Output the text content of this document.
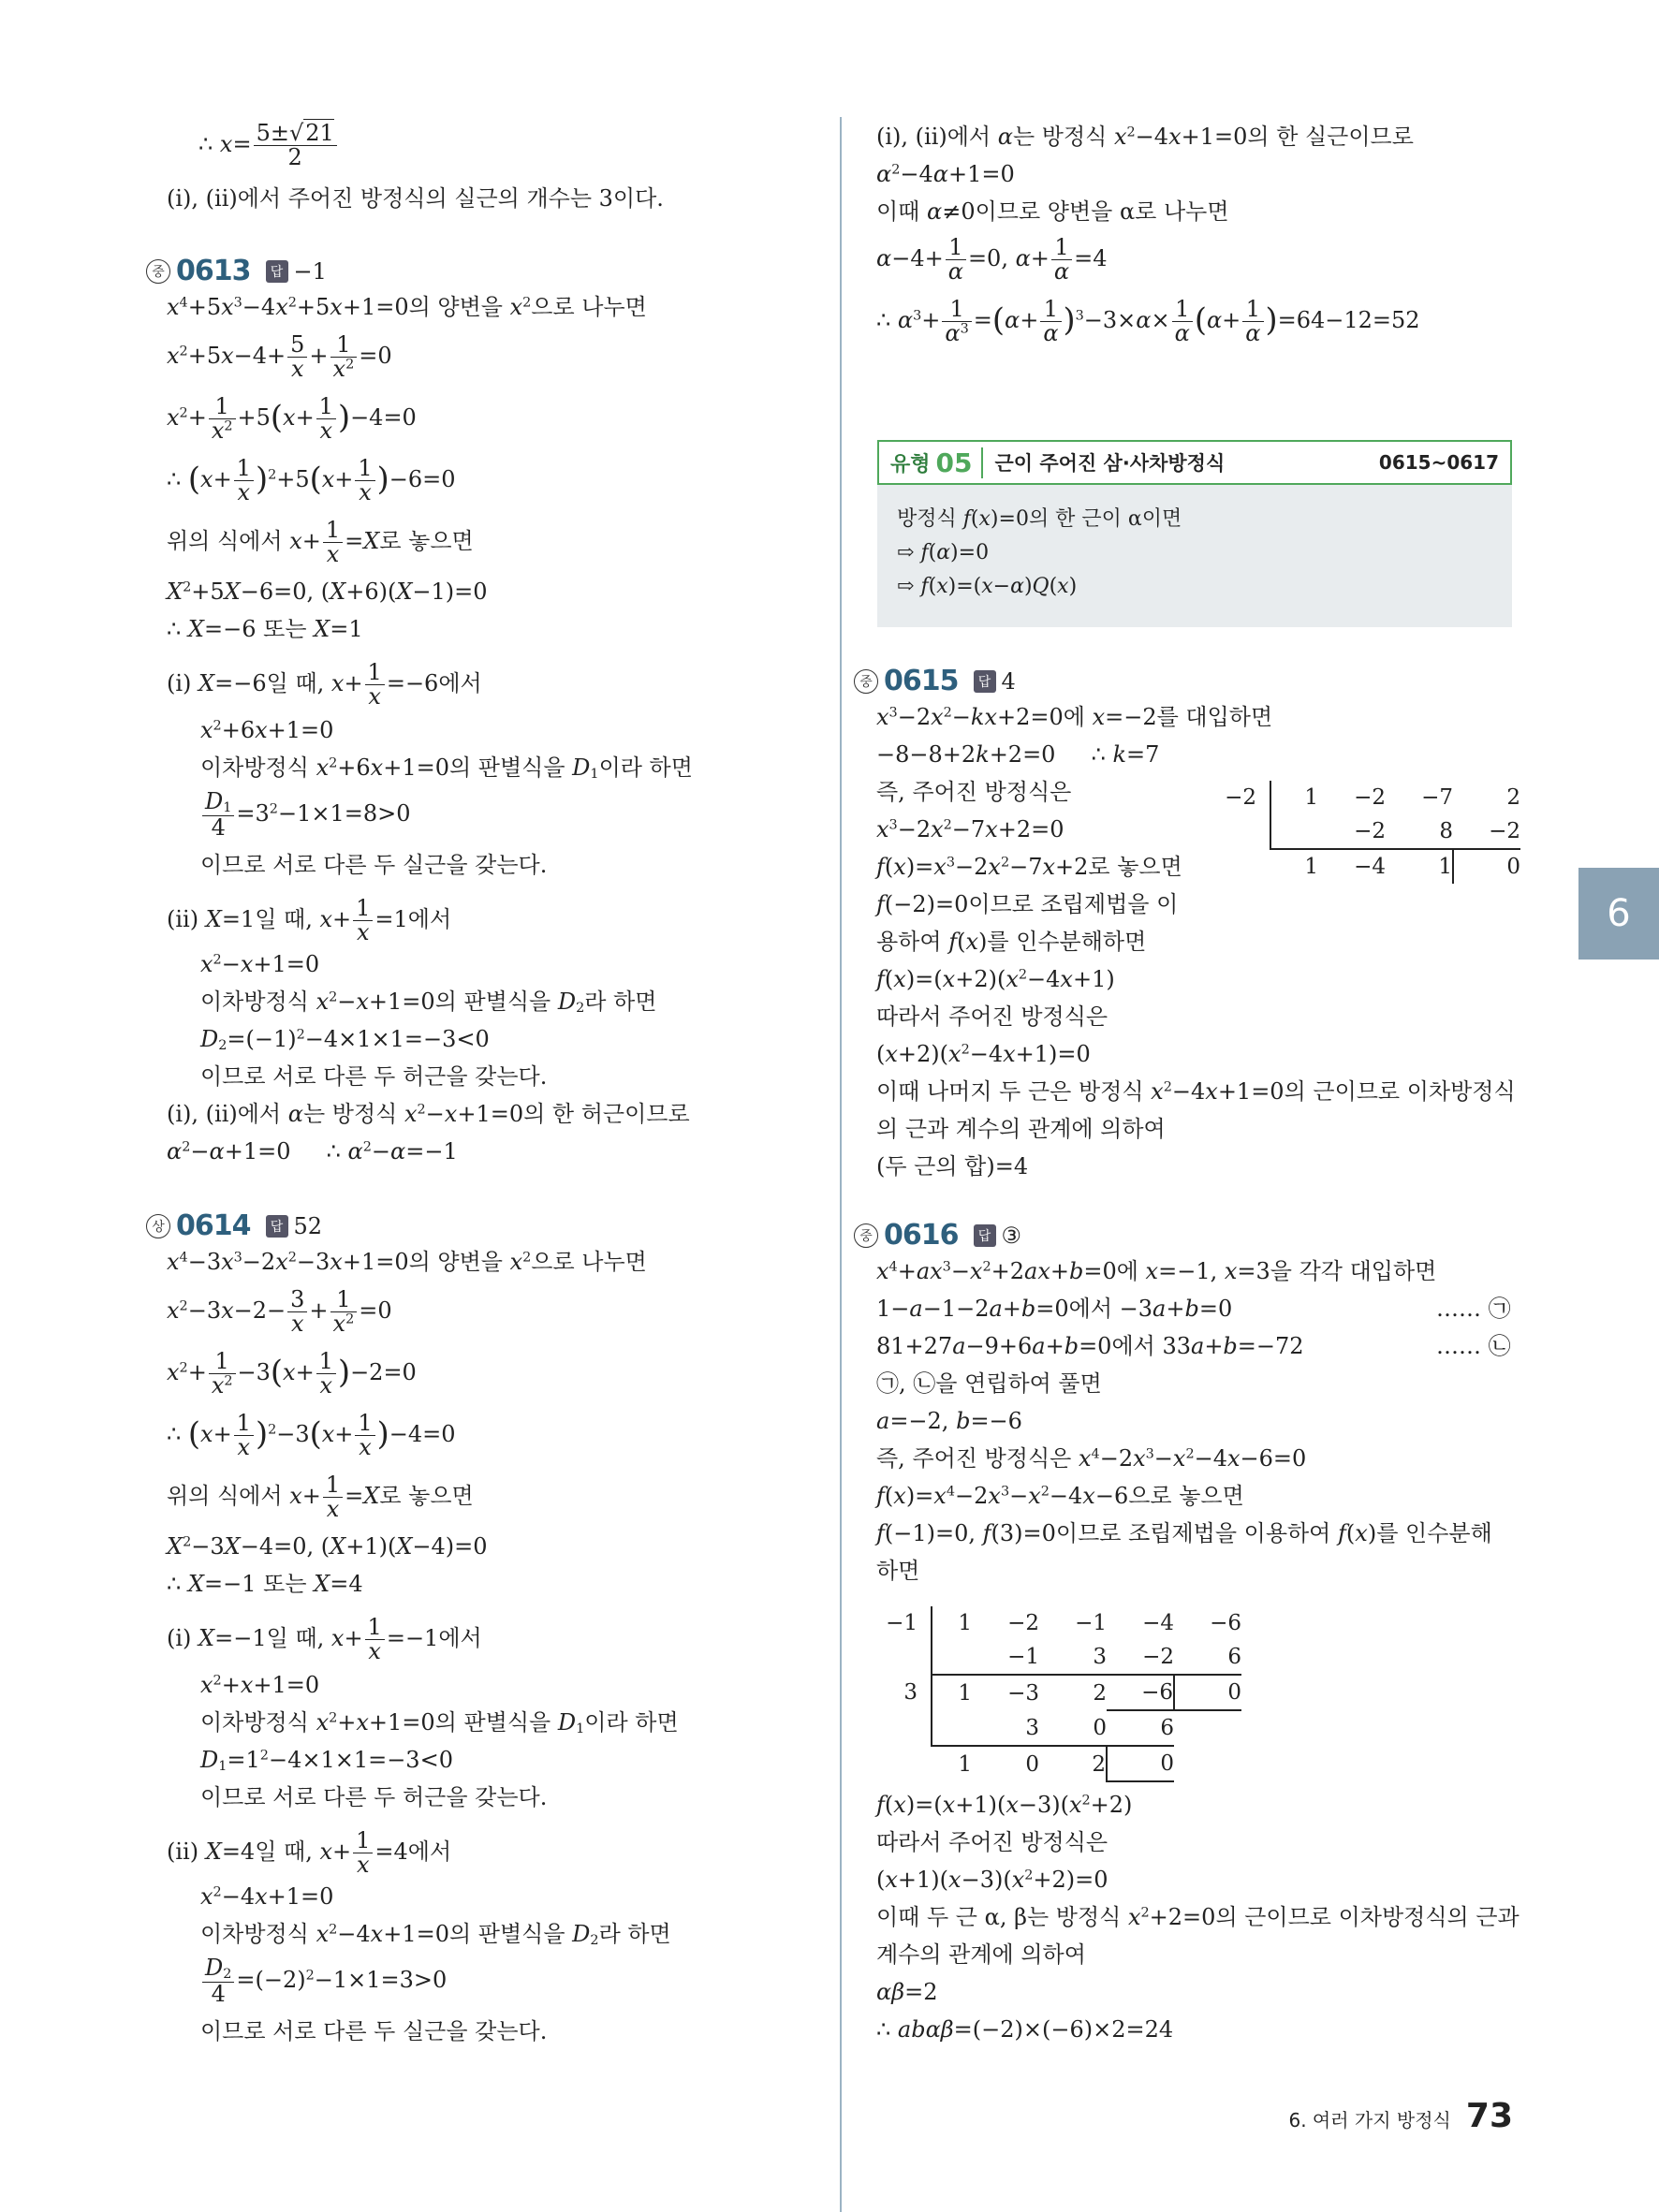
6
∴ $x= \frac{5\pm√21}{2}$
(ⅰ), (ⅱ)에서 주어진 방정식의 실근의 개수는 3이다.
중 0613	답 −1
$x^4+5x^3-4x^2+5x+1=0$의 양변을 $x^2$으로 나누면
$x^2+5x-4+ \frac{5}{x} + \frac{1}{x^2} =0$
$x^2+ \frac{1}{x^2} +5(x+ \frac{1}{x} )-4=0$
∴ $(x+ \frac{1}{x} )^2+5(x+ \frac{1}{x} )-6=0$
위의 식에서 $x+ \frac{1}{x} =X$로 놓으면
$X^2+5X-6=0$, (X+6)(X−1)=0
∴ X=−6 또는 X=1
(ⅰ) X=−6일 때, $x+ \frac{1}{x} =-6$에서
$x^2+6x+1=0$
이차방정식 $x^2+6x+1=0$의 판별식을 D1이라 하면
$\frac{D1}{4} =3^2-1\times 1=8>0$
이므로 서로 다른 두 실근을 갖는다.
(ⅱ) X=1일 때, $x+ \frac{1}{x} =1$에서
$x^2-x+1=0$
이차방정식 $x^2-x+1=0$의 판별식을 D2라 하면
$D2=(-1)^2-4\times 1\times 1=-3<0$
이므로 서로 다른 두 허근을 갖는다.
(ⅰ), (ⅱ)에서 α는 방정식 $x^2-x+1=0$의 한 허근이므로
$\alpha^2-\alpha+1=0$     ∴ $\alpha^2-\alpha=-1$
상 0614	답 52
$x^4-3x^3-2x^2-3x+1=0$의 양변을 $x^2$으로 나누면
$x^2-3x-2- \frac{3}{x} + \frac{1}{x^2} =0$
$x^2+ \frac{1}{x^2} -3(x+ \frac{1}{x} )-2=0$
∴ $(x+ \frac{1}{x} )^2-3(x+ \frac{1}{x} )-4=0$
위의 식에서 $x+ \frac{1}{x} =X$로 놓으면
$X^2-3X-4=0$, (X+1)(X−4)=0
∴ X=−1 또는 X=4
(ⅰ) X=−1일 때, $x+ \frac{1}{x} =-1$에서
$x^2+x+1=0$
이차방정식 $x^2+x+1=0$의 판별식을 D1이라 하면
$D1=1^2-4\times 1\times 1=-3<0$
이므로 서로 다른 두 허근을 갖는다.
(ⅱ) X=4일 때, $x+ \frac{1}{x} =4$에서
$x^2-4x+1=0$
이차방정식 $x^2-4x+1=0$의 판별식을 D2라 하면
$\frac{D2}{4} =(-2)^2-1\times 1=3>0$
이므로 서로 다른 두 실근을 갖는다.
(ⅰ), (ⅱ)에서 α는 방정식 $x^2-4x+1=0$의 한 실근이므로
$\alpha^2-4\alpha+1=0$
이때 α≠0이므로 양변을 α로 나누면
$\alpha-4+ \frac{1}{\alpha} =0$, $\alpha+ \frac{1}{\alpha} =4$
∴ $\alpha^3+ \frac{1}{\alpha^3} =(\alpha+ \frac{1}{\alpha} )^3-3\times\alpha\times \frac{1}{\alpha} (\alpha+ \frac{1}{\alpha} )=64-12=52$
유형 05	근이 주어진 삼·사차방정식	0615~0617
방정식 f(x)=0의 한 근이 α이면
⇨ f(α)=0
⇨ f(x)=(x−α)Q(x)
중 0615	답 4
$x^3-2x^2-kx+2=0$에 x=−2를 대입하면
−8−8+2k+2=0     ∴ k=7
즉, 주어진 방정식은
$x^3-2x^2-7x+2=0$
$f(x)=x^3-2x^2-7x+2$로 놓으면
f(−2)=0이므로 조립제법을 이
용하여 f(x)를 인수분해하면
$f(x)=(x+2)(x^2-4x+1)$
따라서 주어진 방정식은
$(x+2)(x^2-4x+1)=0$
이때 나머지 두 근은 방정식 $x^2-4x+1=0$의 근이므로 이차방정식
의 근과 계수의 관계에 의하여
(두 근의 합)=4
−2	1	−2	−7	2
		−2	8	−2
	1	−4	1	0
중 0616	답 ③
$x^4+ax^3-x^2+2ax+b=0$에 x=−1, x=3을 각각 대입하면
1−a−1−2a+b=0에서 −3a+b=0	…… ㉠
81+27a−9+6a+b=0에서 33a+b=−72	…… ㉡
㉠, ㉡을 연립하여 풀면
a=−2, b=−6
즉, 주어진 방정식은 $x^4-2x^3-x^2-4x-6=0$
$f(x)=x^4-2x^3-x^2-4x-6$으로 놓으면
f(−1)=0, f(3)=0이므로 조립제법을 이용하여 f(x)를 인수분해
하면
−1	1	−2	−1	−4	−6
		−1	3	−2	6
3	1	−3	2	−6	0
		3	0	6	
	1	0	2	0	
$f(x)=(x+1)(x-3)(x^2+2)$
따라서 주어진 방정식은
$(x+1)(x-3)(x^2+2)=0$
이때 두 근 α, β는 방정식 $x^2+2=0$의 근이므로 이차방정식의 근과
계수의 관계에 의하여
αβ=2
∴ abαβ=(−2)×(−6)×2=24
6. 여러 가지 방정식 73
